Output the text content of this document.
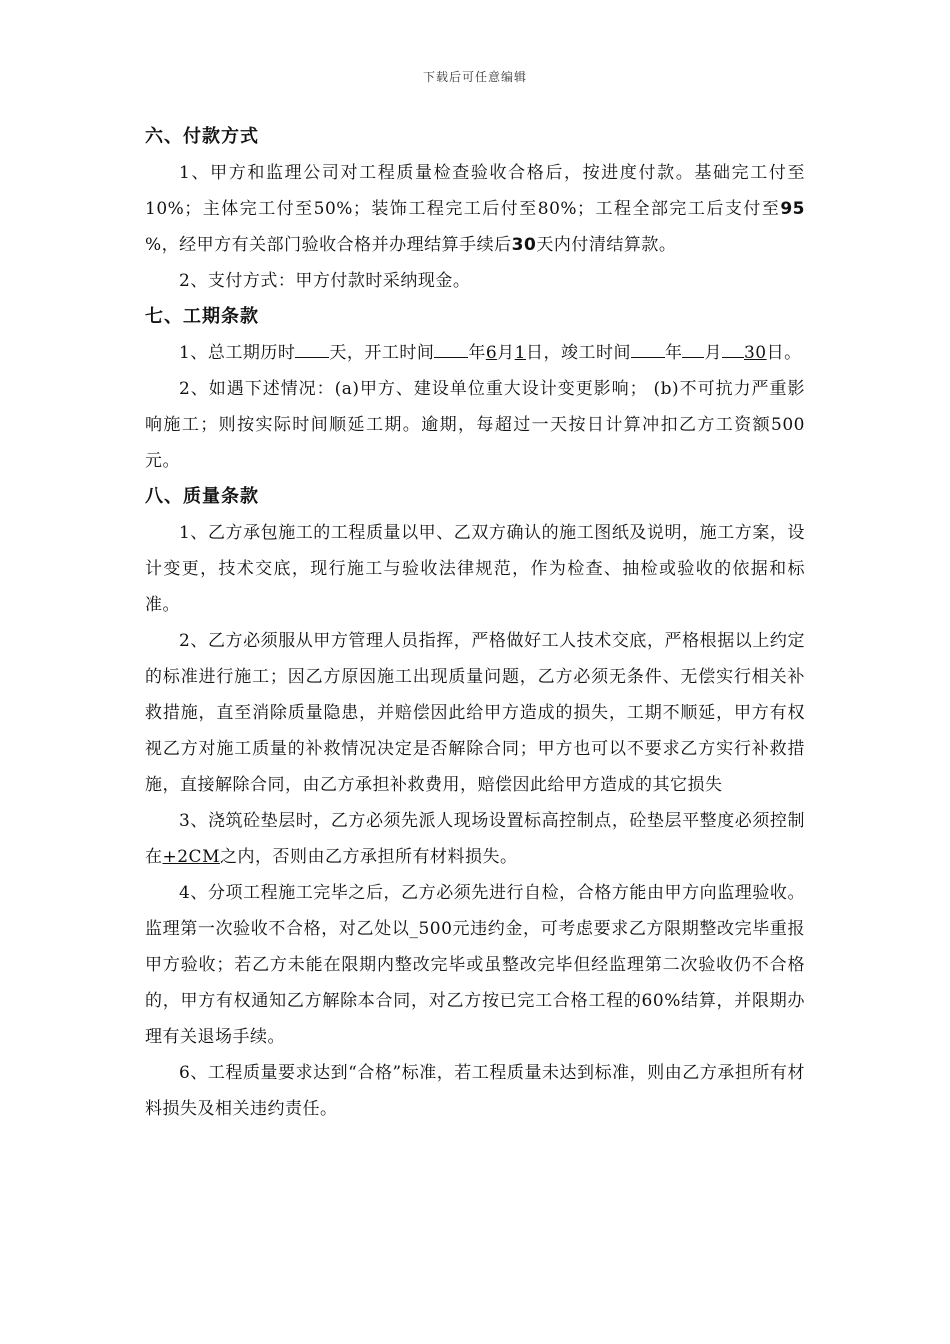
下载后可任意编辑
六、付款方式
1、甲方和监理公司对工程质量检查验收合格后，按进度付款。基础完工付至10%；主体完工付至50%；装饰工程完工后付至80%；工程全部完工后支付至95 %，经甲方有关部门验收合格并办理结算手续后30天内付清结算款。
2、支付方式：甲方付款时采纳现金。
七、工期条款
1、总工期历时 天，开工时间 年6月1日，竣工时间 年 月 30日。
2、如遇下述情况：(a)甲方、建设单位重大设计变更影响； (b)不可抗力严重影响施工；则按实际时间顺延工期。逾期，每超过一天按日计算冲扣乙方工资额500元。
八、质量条款
1、乙方承包施工的工程质量以甲、乙双方确认的施工图纸及说明，施工方案，设计变更，技术交底，现行施工与验收法律规范，作为检查、抽检或验收的依据和标准。
2、乙方必须服从甲方管理人员指挥，严格做好工人技术交底，严格根据以上约定的标准进行施工；因乙方原因施工出现质量问题，乙方必须无条件、无偿实行相关补救措施，直至消除质量隐患，并赔偿因此给甲方造成的损失，工期不顺延，甲方有权视乙方对施工质量的补救情况决定是否解除合同；甲方也可以不要求乙方实行补救措施，直接解除合同，由乙方承担补救费用，赔偿因此给甲方造成的其它损失
3、浇筑砼垫层时，乙方必须先派人现场设置标高控制点，砼垫层平整度必须控制在+2CM之内，否则由乙方承担所有材料损失。
4、分项工程施工完毕之后，乙方必须先进行自检，合格方能由甲方向监理验收。监理第一次验收不合格，对乙处以_500元违约金，可考虑要求乙方限期整改完毕重报甲方验收；若乙方未能在限期内整改完毕或虽整改完毕但经监理第二次验收仍不合格的，甲方有权通知乙方解除本合同，对乙方按已完工合格工程的60%结算，并限期办理有关退场手续。
6、工程质量要求达到“合格”标准，若工程质量未达到标准，则由乙方承担所有材料损失及相关违约责任。
